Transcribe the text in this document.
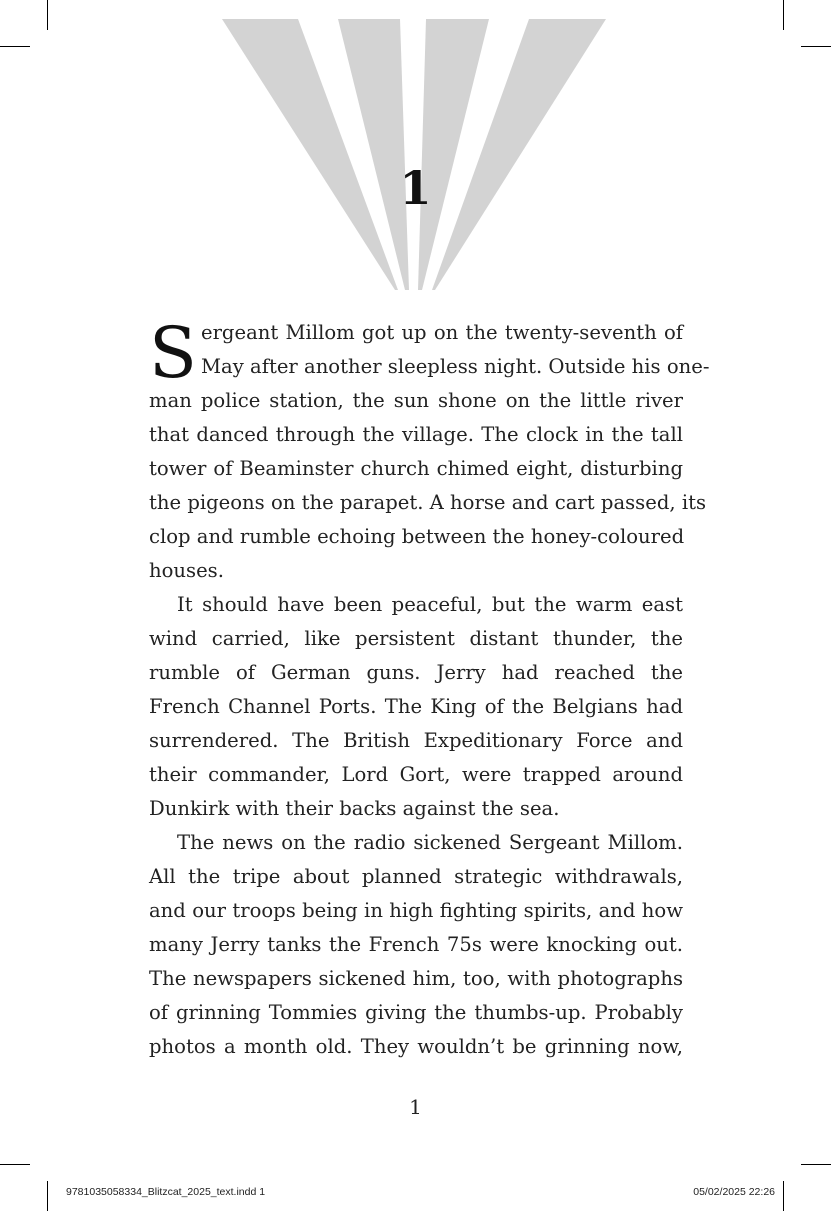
1
S ergeant Millom got up on the twenty-seventh of
May after another sleepless night. Outside his one-
man police station, the sun shone on the little river
that danced through the village. The clock in the tall
tower of Beaminster church chimed eight, disturbing
the pigeons on the parapet. A horse and cart passed, its
clop and rumble echoing between the honey-coloured
houses.
It should have been peaceful, but the warm east
wind carried, like persistent distant thunder, the
rumble of German guns. Jerry had reached the
French Channel Ports. The King of the Belgians had
surrendered. The British Expeditionary Force and
their commander, Lord Gort, were trapped around
Dunkirk with their backs against the sea.
The news on the radio sickened Sergeant Millom.
All the tripe about planned strategic withdrawals,
and our troops being in high fighting spirits, and how
many Jerry tanks the French 75s were knocking out.
The newspapers sickened him, too, with photographs
of grinning Tommies giving the thumbs-up. Probably
photos a month old. They wouldn’t be grinning now,
1
9781035058334_Blitzcat_2025_text.indd 1	05/02/2025 22:26
